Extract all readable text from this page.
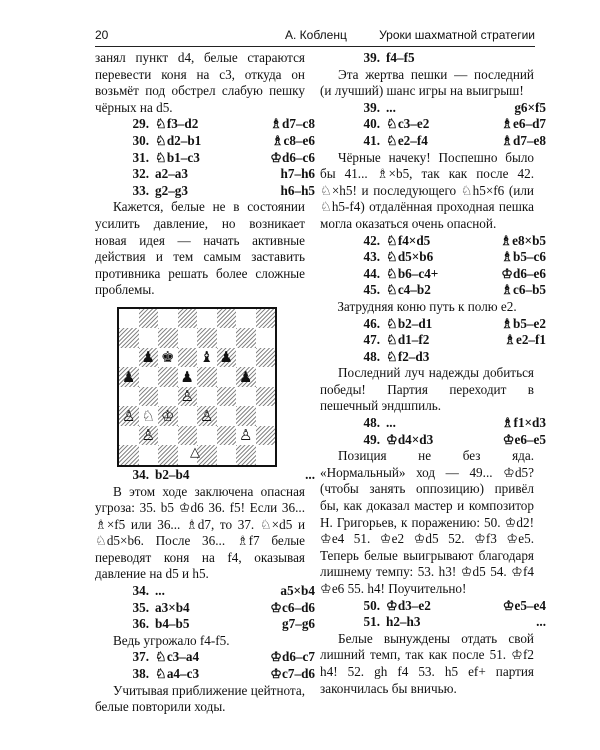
20	А. Кобленц	Уроки шахматной стратегии

занял пункт d4, белые стараются перевести коня на с3, откуда он возьмёт под обстрел слабую пешку чёрных на d5.

29. ♘f3–d2	♗d7–c8
30. ♘d2–b1	♗c8–e6
31. ♘b1–c3	♔d6–c6
32. a2–a3	h7–h6
33. g2–g3	h6–h5

Кажется, белые не в состоянии усилить давление, но возникает новая идея — начать активные действия и тем самым заставить противника решать более сложные проблемы.

♟ ♚ ♝ ♟
♟	♟	♟
♙
♙ ♘ ♔ ♙
♙	♙
34. b2–b4	...

В этом ходе заключена опасная угроза: 35. b5 ♔d6 36. f5! Если 36... ♗×f5 или 36... ♗d7, то 37. ♘×d5 и ♘d5×b6. После 36... ♗f7 белые переводят коня на f4, оказывая давление на d5 и h5.

34. ...	a5×b4
35. a3×b4	♔c6–d6
36. b4–b5	g7–g6

Ведь угрожало f4-f5.

37. ♘c3–a4	♔d6–c7
38. ♘a4–c3	♔c7–d6

Учитывая приближение цейтнота, белые повторили ходы.

△
39. f4–f5

Эта жертва пешки — последний (и лучший) шанс игры на выигрыш!

39. ...	g6×f5
40. ♘c3–e2	♗e6–d7
41. ♘e2–f4	♗d7–e8

Чёрные начеку! Поспешно было бы 41... ♗×b5, так как после 42. ♘×h5! и последующего ♘h5×f6 (или ♘h5-f4) отдалённая проходная пешка могла оказаться очень опасной.

42. ♘f4×d5	♗e8×b5
43. ♘d5×b6	♗b5–c6
44. ♘b6–c4+	♔d6–e6
45. ♘c4–b2	♗c6–b5

Затрудняя коню путь к полю е2.

46. ♘b2–d1	♗b5–e2
47. ♘d1–f2	♗e2–f1
48. ♘f2–d3

Последний луч надежды добиться победы! Партия переходит в пешечный эндшпиль.

48. ...	♗f1×d3
49. ♔d4×d3	♔e6–e5

Позиция не без яда. «Нормальный» ход — 49... ♔d5? (чтобы занять оппозицию) привёл бы, как доказал мастер и композитор Н. Григорьев, к поражению: 50. ♔d2! ♔e4 51. ♔e2 ♔d5 52. ♔f3 ♔e5. Теперь белые выигрывают благодаря лишнему темпу: 53. h3! ♔d5 54. ♔f4 ♔e6 55. h4! Поучительно!

50. ♔d3–e2	♔e5–e4
51. h2–h3	...

Белые вынуждены отдать свой лишний темп, так как после 51. ♔f2 h4! 52. gh f4 53. h5 ef+ партия закончилась бы вничью.
